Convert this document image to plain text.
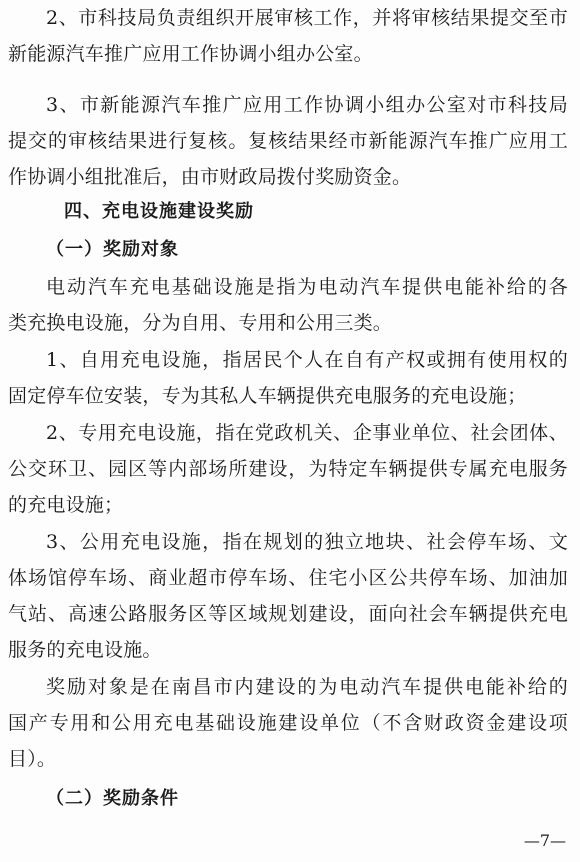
2、市科技局负责组织开展审核工作，并将审核结果提交至市
新能源汽车推广应用工作协调小组办公室。
3、市新能源汽车推广应用工作协调小组办公室对市科技局
提交的审核结果进行复核。复核结果经市新能源汽车推广应用工
作协调小组批准后，由市财政局拨付奖励资金。
四、充电设施建设奖励
（一）奖励对象
电动汽车充电基础设施是指为电动汽车提供电能补给的各
类充换电设施，分为自用、专用和公用三类。
1、自用充电设施，指居民个人在自有产权或拥有使用权的
固定停车位安装，专为其私人车辆提供充电服务的充电设施；
2、专用充电设施，指在党政机关、企事业单位、社会团体、
公交环卫、园区等内部场所建设，为特定车辆提供专属充电服务
的充电设施；
3、公用充电设施，指在规划的独立地块、社会停车场、文
体场馆停车场、商业超市停车场、住宅小区公共停车场、加油加
气站、高速公路服务区等区域规划建设，面向社会车辆提供充电
服务的充电设施。
奖励对象是在南昌市内建设的为电动汽车提供电能补给的
国产专用和公用充电基础设施建设单位（不含财政资金建设项
目）。
（二）奖励条件
—7—
